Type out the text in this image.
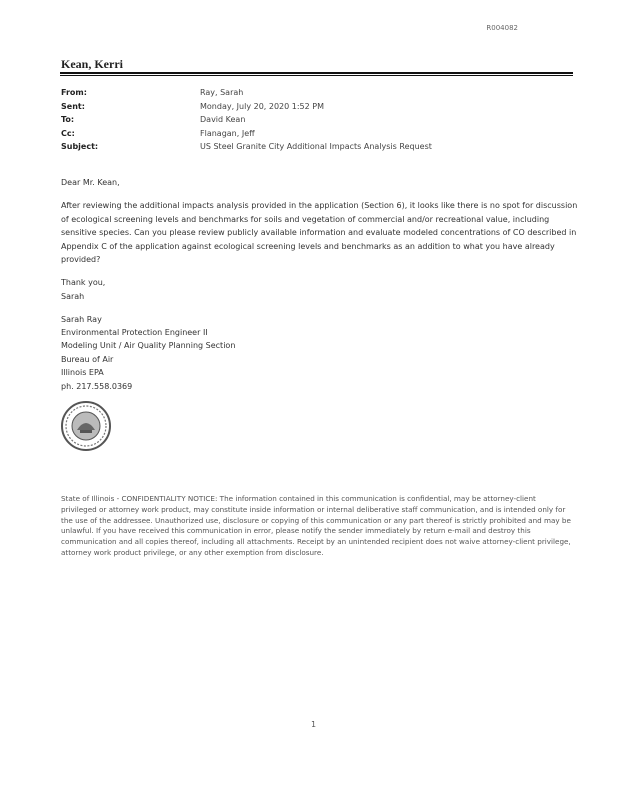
R004082
Kean, Kerri
From:	Ray, Sarah
Sent:	Monday, July 20, 2020 1:52 PM
To:	David Kean
Cc:	Flanagan, Jeff
Subject:	US Steel Granite City Additional Impacts Analysis Request

Dear Mr. Kean,

After reviewing the additional impacts analysis provided in the application (Section 6), it looks like there is no spot for discussion of ecological screening levels and benchmarks for soils and vegetation of commercial and/or recreational value, including sensitive species. Can you please review publicly available information and evaluate modeled concentrations of CO described in Appendix C of the application against ecological screening levels and benchmarks as an addition to what you have already provided?

Thank you,
Sarah
Sarah Ray
Environmental Protection Engineer II
Modeling Unit / Air Quality Planning Section
Bureau of Air
Illinois EPA
ph. 217.558.0369
State of Illinois - CONFIDENTIALITY NOTICE: The information contained in this communication is confidential, may be attorney-client privileged or attorney work product, may constitute inside information or internal deliberative staff communication, and is intended only for the use of the addressee. Unauthorized use, disclosure or copying of this communication or any part thereof is strictly prohibited and may be unlawful. If you have received this communication in error, please notify the sender immediately by return e-mail and destroy this communication and all copies thereof, including all attachments. Receipt by an unintended recipient does not waive attorney-client privilege, attorney work product privilege, or any other exemption from disclosure.
1
